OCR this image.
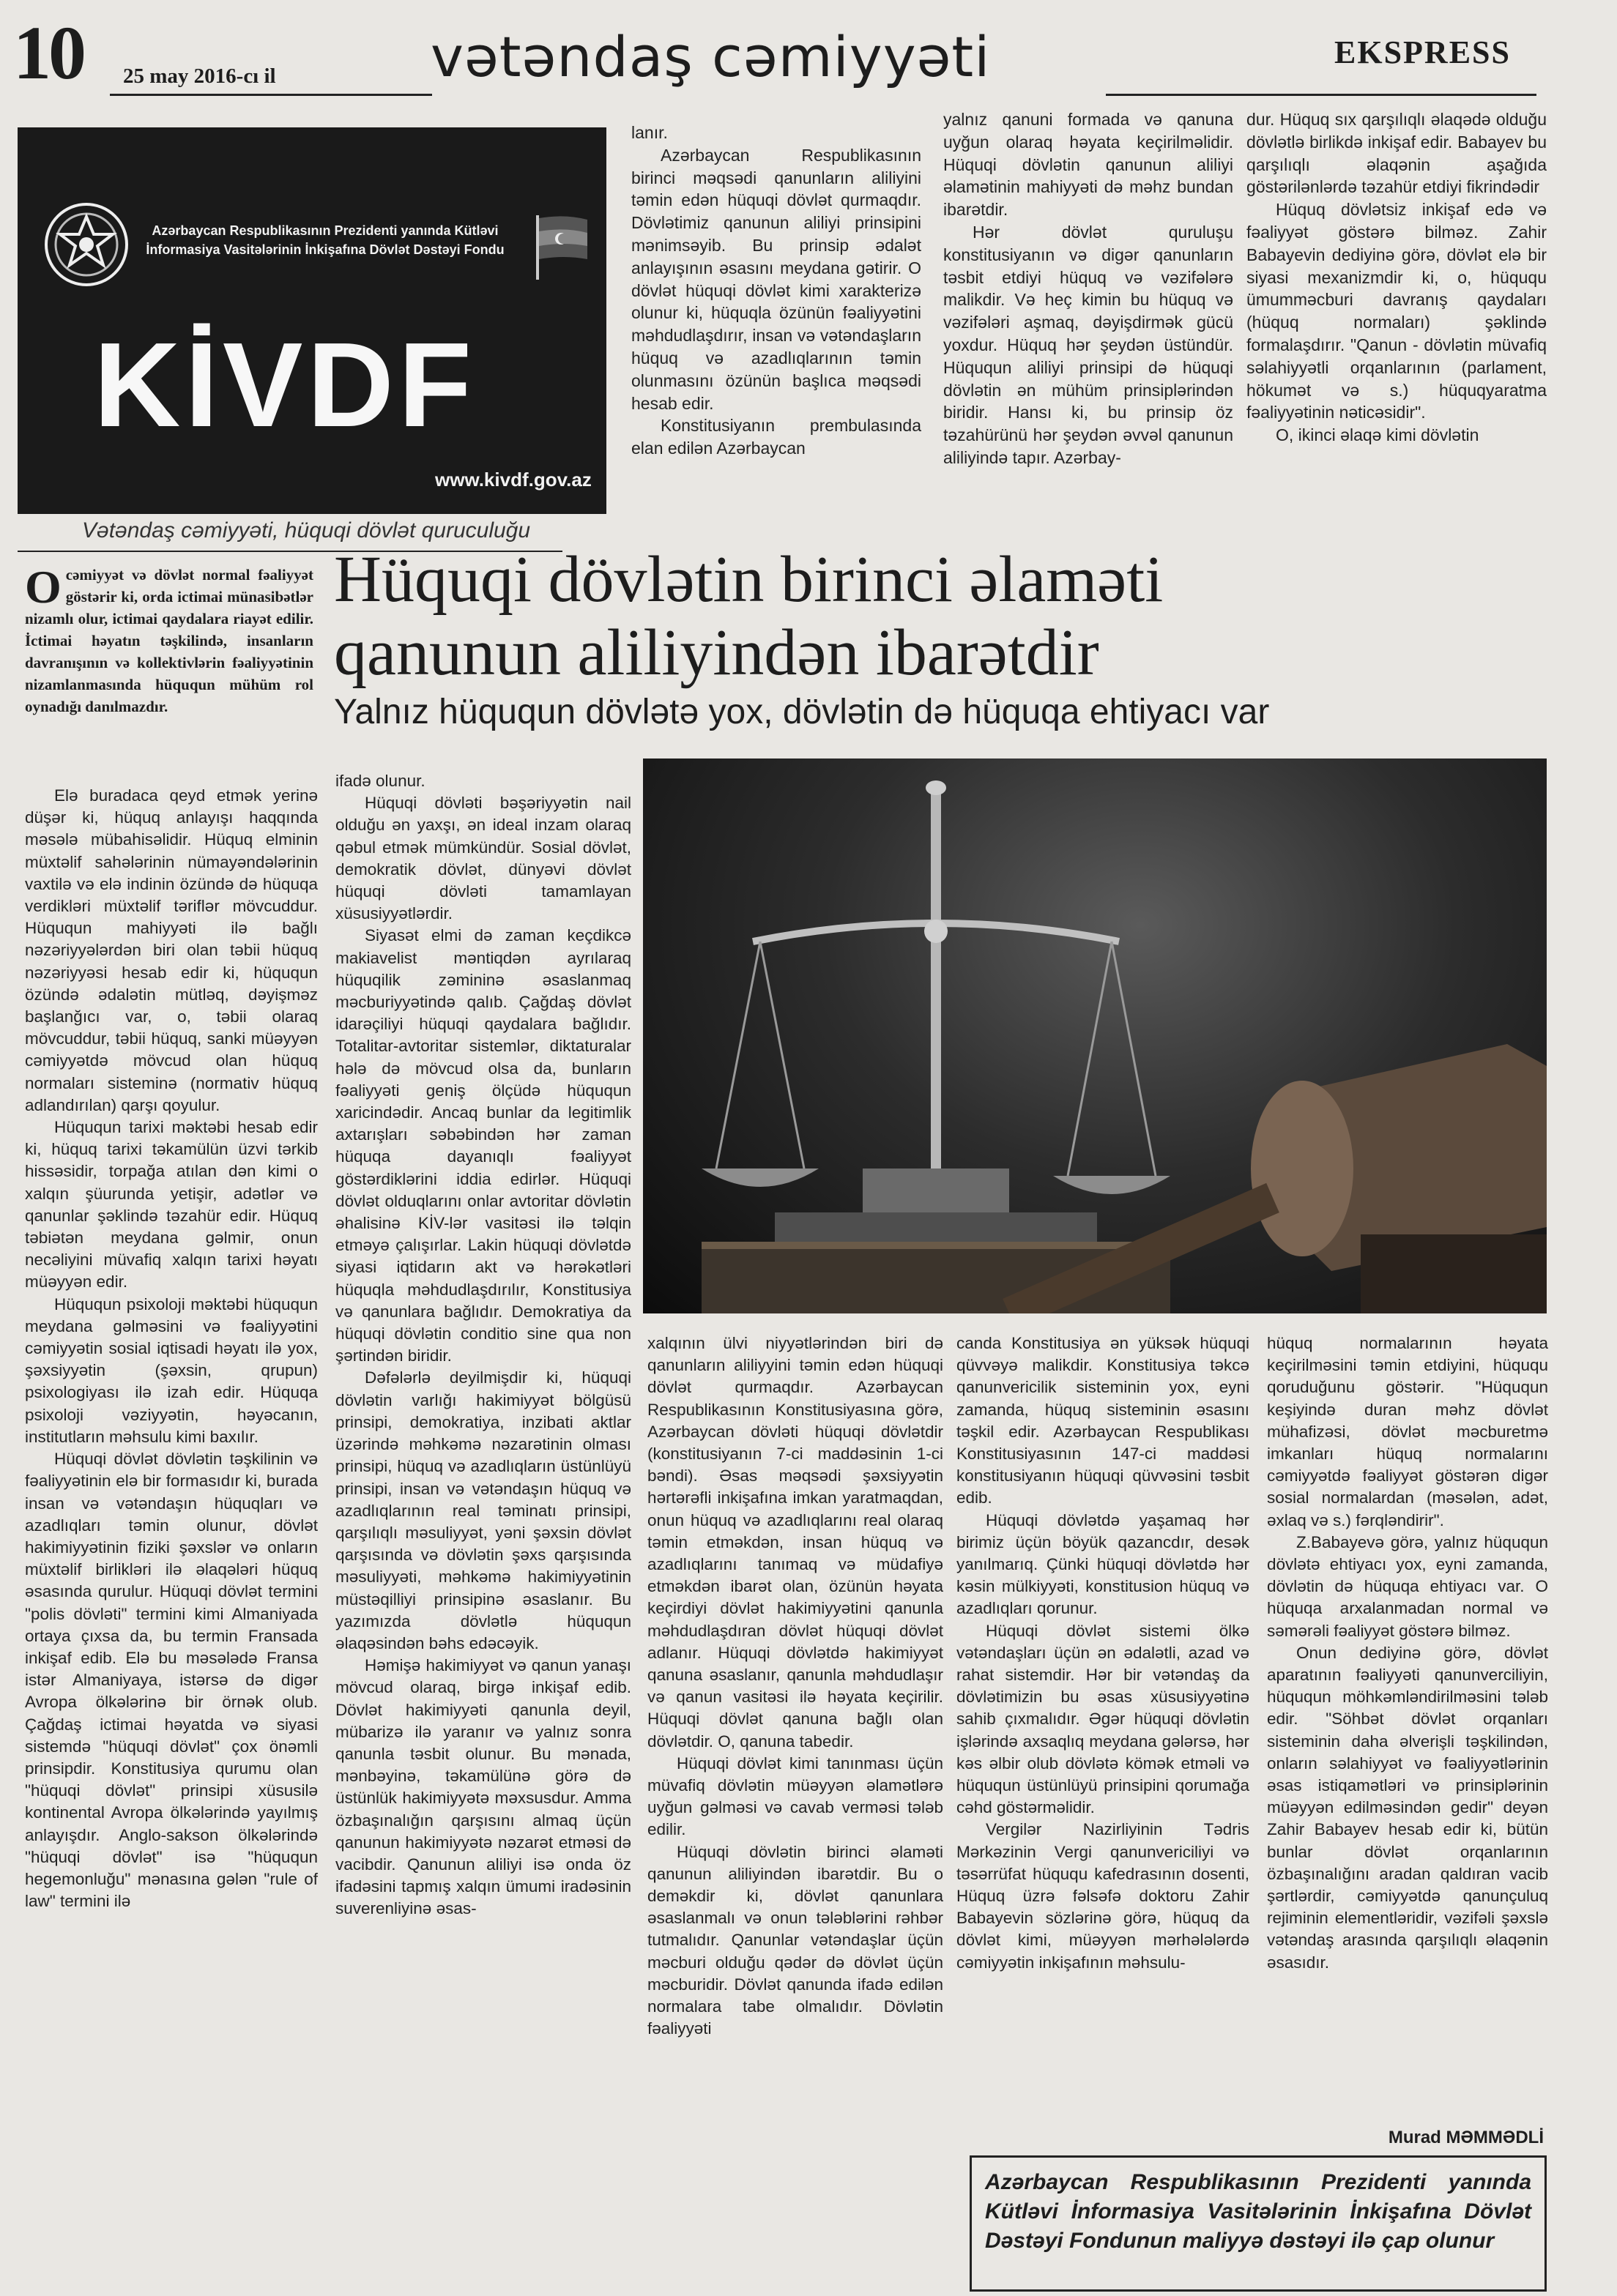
10 25 may 2016-cı il	vətəndaş cəmiyyəti	EKSPRESS
Azərbaycan Respublikasının Prezidenti yanında Kütləvi İnformasiya Vasitələrinin İnkişafına Dövlət Dəstəyi Fondu
KİVDF
www.kivdf.gov.az
Vətəndaş cəmiyyəti, hüquqi dövlət quruculuğu

lanır.

Azərbaycan Respublikasının birinci məqsədi qanunların aliliyini təmin edən hüquqi dövlət qurmaqdır. Dövlətimiz qanunun aliliyi prinsipini mənimsəyib. Bu prinsip ədalət anlayışının əsasını meydana gətirir. O dövlət hüquqi dövlət kimi xarakterizə olunur ki, hüquqla özünün fəaliyyətini məhdudlaşdırır, insan və vətəndaşların hüquq və azadlıqlarının təmin olunmasını özünün başlıca məqsədi hesab edir.

Konstitusiyanın prembulasında elan edilən Azərbaycan

yalnız qanuni formada və qanuna uyğun olaraq həyata keçirilməlidir. Hüquqi dövlətin qanunun aliliyi əlamətinin mahiyyəti də məhz bundan ibarətdir.

Hər dövlət quruluşu konstitusiyanın və digər qanunların təsbit etdiyi hüquq və vəzifələrə malikdir. Və heç kimin bu hüquq və vəzifələri aşmaq, dəyişdirmək gücü yoxdur. Hüquq hər şeydən üstündür. Hüququn aliliyi prinsipi də hüquqi dövlətin ən mühüm prinsiplərindən biridir. Hansı ki, bu prinsip öz təzahürünü hər şeydən əvvəl qanunun aliliyində tapır. Azərbay-

dur. Hüquq sıx qarşılıqlı əlaqədə olduğu dövlətlə birlikdə inkişaf edir. Babayev bu qarşılıqlı əlaqənin aşağıda göstərilənlərdə təzahür etdiyi fikrindədir

Hüquq dövlətsiz inkişaf edə və fəaliyyət göstərə bilməz. Zahir Babayevin dediyinə görə, dövlət elə bir siyasi mexanizmdir ki, o, hüququ ümummәcburi davranış qaydaları (hüquq normaları) şəklində formalaşdırır. "Qanun - dövlətin müvafiq səlahiyyətli orqanlarının (parlament, hökumət və s.) hüquqyaratma fəaliyyətinin nəticəsidir".

O, ikinci əlaqə kimi dövlətin

Hüquqi dövlətin birinci əlaməti
qanunun aliliyindən ibarətdir
Yalnız hüququn dövlətə yox, dövlətin də hüquqa ehtiyacı var
O cəmiyyət və dövlət normal fəaliyyət göstərir ki, orda ictimai münasibətlər nizamlı olur, ictimai qaydalara riayət edilir. İctimai həyatın təşkilində, insanların davranışının və kollektivlərin fəaliyyətinin nizamlanmasında hüququn mühüm rol oynadığı danılmazdır.

Elə buradaca qeyd etmək yerinə düşər ki, hüquq anlayışı haqqında məsələ mübahisəlidir. Hüquq elminin müxtəlif sahələrinin nümayəndələrinin vaxtilə və elə indinin özündə də hüquqa verdikləri müxtəlif təriflər mövcuddur. Hüququn mahiyyəti ilə bağlı nəzəriyyələrdən biri olan təbii hüquq nəzəriyyəsi hesab edir ki, hüququn özündə ədalətin mütləq, dəyişməz başlanğıcı var, o, təbii olaraq mövcuddur, təbii hüquq, sanki müəyyən cəmiyyətdə mövcud olan hüquq normaları sisteminə (normativ hüquq adlandırılan) qarşı qoyulur.

Hüququn tarixi məktəbi hesab edir ki, hüquq tarixi təkamülün üzvi tərkib hissəsidir, torpağa atılan dən kimi o xalqın şüurunda yetişir, adətlər və qanunlar şəklində təzahür edir. Hüquq təbiətən meydana gəlmir, onun necəliyini müvafiq xalqın tarixi həyatı müəyyən edir.

Hüququn psixoloji məktəbi hüququn meydana gəlməsini və fəaliyyətini cəmiyyətin sosial iqtisadi həyatı ilə yox, şəxsiyyətin (şəxsin, qrupun) psixologiyası ilə izah edir. Hüquqa psixoloji vəziyyətin, həyəcanın, institutların məhsulu kimi baxılır.

Hüquqi dövlət dövlətin təşkilinin və fəaliyyətinin elə bir formasıdır ki, burada insan və vətəndaşın hüquqları və azadlıqları təmin olunur, dövlət hakimiyyətinin fiziki şəxslər və onların müxtəlif birlikləri ilə əlaqələri hüquq əsasında qurulur. Hüquqi dövlət termini "polis dövləti" termini kimi Almaniyada ortaya çıxsa da, bu termin Fransada inkişaf edib. Elə bu məsələdə Fransa istər Almaniyaya, istərsə də digər Avropa ölkələrinə bir örnək olub. Çağdaş ictimai həyatda və siyasi sistemdə "hüquqi dövlət" çox önəmli prinsipdir. Konstitusiya qurumu olan "hüquqi dövlət" prinsipi xüsusilə kontinental Avropa ölkələrində yayılmış anlayışdır. Anglo-sakson ölkələrində "hüquqi dövlət" isə "hüququn hegemonluğu" mənasına gələn "rule of law" termini ilə

ifadə olunur.

Hüquqi dövləti bəşəriyyətin nail olduğu ən yaxşı, ən ideal inzam olaraq qəbul etmək mümkündür. Sosial dövlət, demokratik dövlət, dünyəvi dövlət hüquqi dövləti tamamlayan xüsusiyyətlərdir.

Siyasət elmi də zaman keçdikcə makiavelist məntiqdən ayrılaraq hüquqilik zəmininə əsaslanmaq məcburiyyətində qalıb. Çağdaş dövlət idarəçiliyi hüquqi qaydalara bağlıdır. Totalitar-avtoritar sistemlər, diktaturalar hələ də mövcud olsa da, bunların fəaliyyəti geniş ölçüdə hüququn xaricindədir. Ancaq bunlar da legitimlik axtarışları səbəbindən hər zaman hüquqa dayanıqlı fəaliyyət göstərdiklərini iddia edirlər. Hüquqi dövlət olduqlarını onlar avtoritar dövlətin əhalisinə KİV-lər vasitəsi ilə təlqin etməyə çalışırlar. Lakin hüquqi dövlətdə siyasi iqtidarın akt və hərəkətləri hüquqla məhdudlaşdırılır, Konstitusiya və qanunlara bağlıdır. Demokratiya da hüquqi dövlətin conditio sine qua non şərtindən biridir.

Dəfələrlə deyilmişdir ki, hüquqi dövlətin varlığı hakimiyyət bölgüsü prinsipi, demokratiya, inzibati aktlar üzərində məhkəmə nəzarətinin olması prinsipi, hüquq və azadlıqların üstünlüyü prinsipi, insan və vətəndaşın hüquq və azadlıqlarının real təminatı prinsipi, qarşılıqlı məsuliyyət, yəni şəxsin dövlət qarşısında və dövlətin şəxs qarşısında məsuliyyəti, məhkəmə hakimiyyətinin müstəqilliyi prinsipinə əsaslanır. Bu yazımızda dövlətlə hüququn əlaqəsindən bəhs edəcəyik.

Həmişə hakimiyyət və qanun yanaşı mövcud olaraq, birgə inkişaf edib. Dövlət hakimiyyəti qanunla deyil, mübarizə ilə yaranır və yalnız sonra qanunla təsbit olunur. Bu mənada, mənbəyinə, təkamülünə görə də üstünlük hakimiyyətə məxsusdur. Amma özbaşınalığın qarşısını almaq üçün qanunun hakimiyyətə nəzarət etməsi də vacibdir. Qanunun aliliyi isə onda öz ifadəsini tapmış xalqın ümumi iradəsinin suverenliyinə əsas-

xalqının ülvi niyyətlərindən biri də qanunların aliliyyini təmin edən hüquqi dövlət qurmaqdır. Azərbaycan Respublikasının Konstitusiyasına görə, Azərbaycan dövləti hüquqi dövlətdir (konstitusiyanın 7-ci maddəsinin 1-ci bəndi). Əsas məqsədi şəxsiyyətin hərtərəfli inkişafına imkan yaratmaqdan, onun hüquq və azadlıqlarını real olaraq təmin etməkdən, insan hüquq və azadlıqlarını tanımaq və müdafiyə etməkdən ibarət olan, özünün həyata keçirdiyi dövlət hakimiyyətini qanunla məhdudlaşdıran dövlət hüquqi dövlət adlanır. Hüquqi dövlətdə hakimiyyət qanuna əsaslanır, qanunla məhdudlaşır və qanun vasitəsi ilə həyata keçirilir. Hüquqi dövlət qanuna bağlı olan dövlətdir. O, qanuna tabedir.

Hüquqi dövlət kimi tanınması üçün müvafiq dövlətin müəyyən əlamətlərə uyğun gəlməsi və cavab verməsi tələb edilir.

Hüquqi dövlətin birinci əlaməti qanunun aliliyindən ibarətdir. Bu o deməkdir ki, dövlət qanunlara əsaslanmalı və onun tələblərini rəhbər tutmalıdır. Qanunlar vətəndaşlar üçün məcburi olduğu qədər də dövlət üçün məcburidir. Dövlət qanunda ifadə edilən normalara tabe olmalıdır. Dövlətin fəaliyyəti

canda Konstitusiya ən yüksək hüquqi qüvvəyə malikdir. Konstitusiya təkcə qanunvericilik sisteminin yox, eyni zamanda, hüquq sisteminin əsasını təşkil edir. Azərbaycan Respublikası Konstitusiyasının 147-ci maddəsi konstitusiyanın hüquqi qüvvəsini təsbit edib.

Hüquqi dövlətdə yaşamaq hər birimiz üçün böyük qazancdır, desək yanılmarıq. Çünki hüquqi dövlətdə hər kəsin mülkiyyəti, konstitusion hüquq və azadlıqları qorunur.

Hüquqi dövlət sistemi ölkə vətəndaşları üçün ən ədalətli, azad və rahat sistemdir. Hər bir vətəndaş da dövlətimizin bu əsas xüsusiyyətinə sahib çıxmalıdır. Əgər hüquqi dövlətin işlərində axsaqlıq meydana gələrsə, hər kəs əlbir olub dövlətə kömək etməli və hüququn üstünlüyü prinsipini qorumağa cəhd göstərməlidir.

Vergilər Nazirliyinin Tədris Mərkəzinin Vergi qanunvericiliyi və təsərrüfat hüququ kafedrasının dosenti, Hüquq üzrə fəlsəfə doktoru Zahir Babayevin sözlərinə görə, hüquq da dövlət kimi, müəyyən mərhələlərdə cəmiyyətin inkişafının məhsulu-

hüquq normalarının həyata keçirilməsini təmin etdiyini, hüququ qoruduğunu göstərir. "Hüququn keşiyində duran məhz dövlət mühafizəsi, dövlət məcburetmə imkanları hüquq normalarını cəmiyyətdə fəaliyyət göstərən digər sosial normalardan (məsələn, adət, əxlaq və s.) fərqləndirir".

Z.Babayevə görə, yalnız hüququn dövlətə ehtiyacı yox, eyni zamanda, dövlətin də hüquqa ehtiyacı var. O hüquqa arxalanmadan normal və səmərəli fəaliyyət göstərə bilməz.

Onun dediyinə görə, dövlət aparatının fəaliyyəti qanunverciliyin, hüququn möhkəmləndirilməsini tələb edir. "Söhbət dövlət orqanları sisteminin daha əlverişli təşkilindən, onların səlahiyyət və fəaliyyətlərinin əsas istiqamətləri və prinsiplərinin müəyyən edilməsindən gedir" deyən Zahir Babayev hesab edir ki, bütün bunlar dövlət orqanlarının özbaşınalığını aradan qaldıran vacib şərtlərdir, cəmiyyətdə qanunçuluq rejiminin elementləridir, vəzifəli şəxslə vətəndaş arasında qarşılıqlı əlaqənin əsasıdır.

Murad MƏMMƏDLİ
Azərbaycan Respublikasının Prezidenti yanında Kütləvi İnformasiya Vasitələrinin İnkişafına Dövlət Dəstəyi Fondunun maliyyə dəstəyi ilə çap olunur
